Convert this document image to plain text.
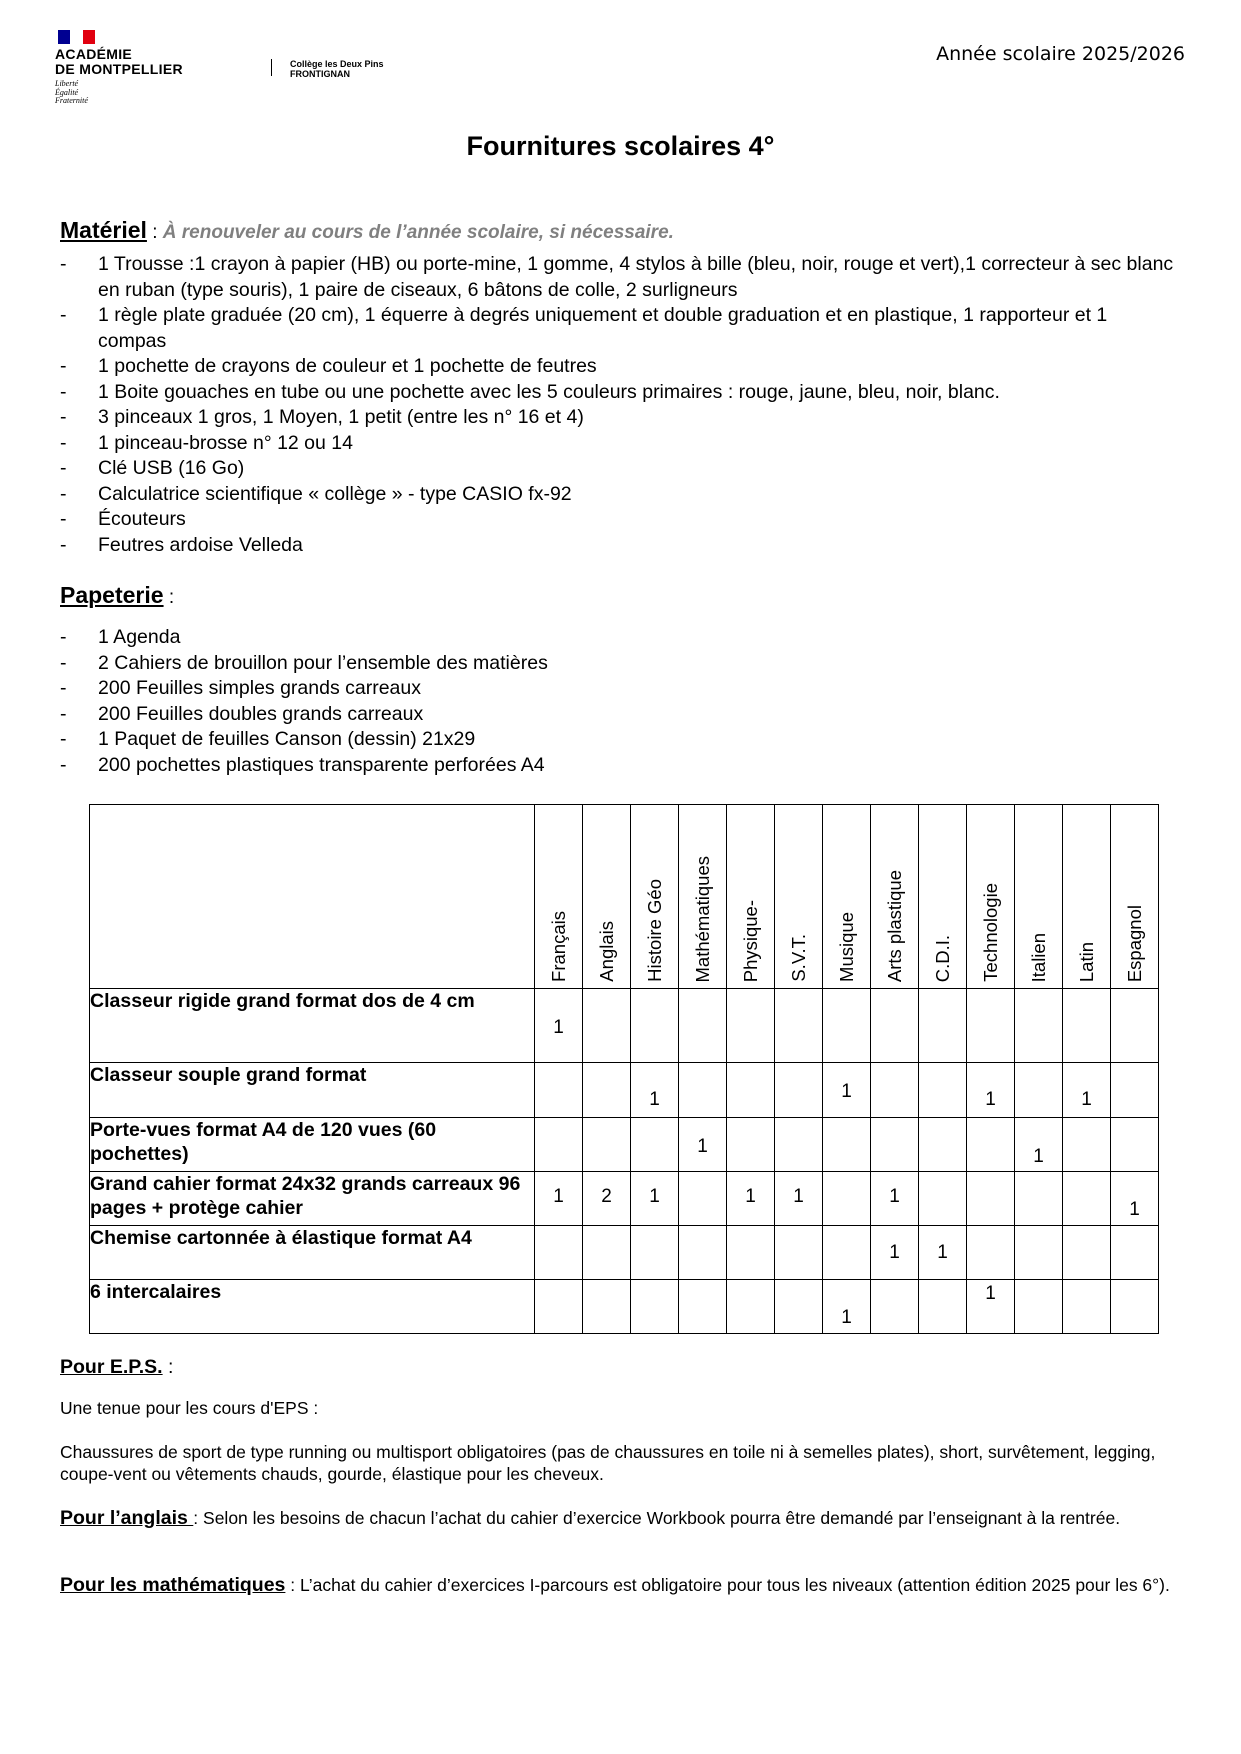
ACADÉMIE
DE MONTPELLIER
Liberté
Égalité
Fraternité
Collège les Deux Pins
FRONTIGNAN
Année scolaire 2025/2026
Fournitures scolaires 4°
Matériel : À renouveler au cours de l’année scolaire, si nécessaire.
- 1 Trousse :1 crayon à papier (HB) ou porte-mine, 1 gomme, 4 stylos à bille (bleu, noir, rouge et vert),1 correcteur à sec blanc en ruban (type souris), 1 paire de ciseaux, 6 bâtons de colle, 2 surligneurs
- 1 règle plate graduée (20 cm), 1 équerre à degrés uniquement et double graduation et en plastique, 1 rapporteur et 1 compas
- 1 pochette de crayons de couleur et 1 pochette de feutres
- 1 Boite gouaches en tube ou une pochette avec les 5 couleurs primaires : rouge, jaune, bleu, noir, blanc.
- 3 pinceaux 1 gros, 1 Moyen, 1 petit (entre les n° 16 et 4)
- 1 pinceau-brosse n° 12 ou 14
- Clé USB (16 Go)
- Calculatrice scientifique « collège » - type CASIO fx-92
- Écouteurs
- Feutres ardoise Velleda
Papeterie :
- 1 Agenda
- 2 Cahiers de brouillon pour l’ensemble des matières
- 200 Feuilles simples grands carreaux
- 200 Feuilles doubles grands carreaux
- 1 Paquet de feuilles Canson (dessin) 21x29
- 200 pochettes plastiques transparente perforées A4

	Français	Anglais	Histoire Géo	Mathématiques	Physique-	S.V.T.	Musique	Arts plastique	C.D.I.	Technologie	Italien	Latin	Espagnol

Classeur rigide grand format dos de 4 cm	1												

Classeur souple grand format			1				1			1		1	

Porte-vues format A4 de 120 vues (60 pochettes)				1							1		

Grand cahier format 24x32 grands carreaux 96 pages + protège cahier	1	2	1		1	1		1					1

Chemise cartonnée à élastique format A4								1	1				

6 intercalaires							1			1			

Pour E.P.S. :
Une tenue pour les cours d'EPS :
Chaussures de sport de type running ou multisport obligatoires (pas de chaussures en toile ni à semelles plates), short, survêtement, legging, coupe-vent ou vêtements chauds, gourde, élastique pour les cheveux.
Pour l’anglais : Selon les besoins de chacun l’achat du cahier d’exercice Workbook pourra être demandé par l’enseignant à la rentrée.
Pour les mathématiques : L’achat du cahier d’exercices I-parcours est obligatoire pour tous les niveaux (attention édition 2025 pour les 6°).
